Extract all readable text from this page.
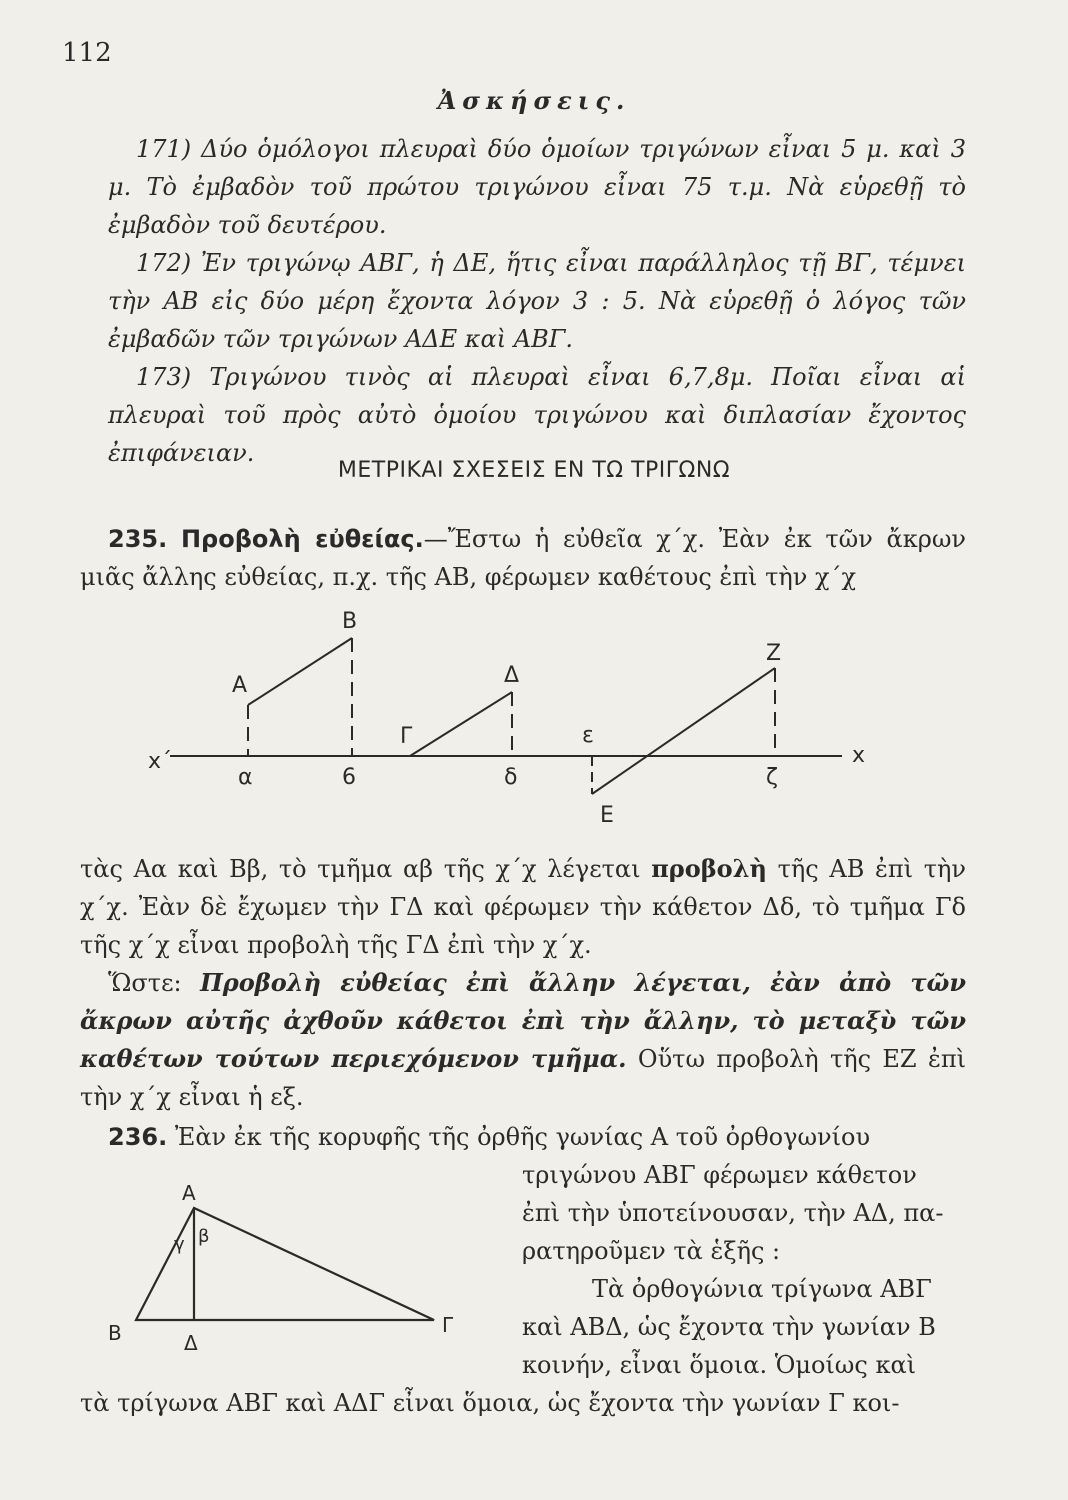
112
Ἀσκήσεις.
171) Δύο ὁμόλογοι πλευραὶ δύο ὁμοίων τριγώνων εἶναι 5 μ. καὶ 3 μ. Τὸ ἐμβαδὸν τοῦ πρώτου τριγώνου εἶναι 75 τ.μ. Νὰ εὑρεθῇ τὸ ἐμβαδὸν τοῦ δευτέρου.
172) Ἐν τριγώνῳ ΑΒΓ, ἡ ΔΕ, ἥτις εἶναι παράλληλος τῇ ΒΓ, τέμνει τὴν ΑΒ εἰς δύο μέρη ἔχοντα λόγον 3 : 5. Νὰ εὑρεθῇ ὁ λόγος τῶν ἐμβαδῶν τῶν τριγώνων ΑΔΕ καὶ ΑΒΓ.
173) Τριγώνου τινὸς αἱ πλευραὶ εἶναι 6,7,8μ. Ποῖαι εἶναι αἱ πλευραὶ τοῦ πρὸς αὐτὸ ὁμοίου τριγώνου καὶ διπλασίαν ἔχοντος ἐπιφάνειαν.
ΜΕΤΡΙΚΑΙ ΣΧΕΣΕΙΣ ΕΝ ΤΩ ΤΡΙΓΩΝΩ
235. Προβολὴ εὐθείας.—Ἔστω ἡ εὐθεῖα χ΄χ. Ἐὰν ἐκ τῶν ἄκρων μιᾶς ἄλλης εὐθείας, π.χ. τῆς ΑΒ, φέρωμεν καθέτους ἐπὶ τὴν χ΄χ
B
A
Γ
Δ
Z
E
x΄	x
α	6	δ
ε
ζ
τὰς Αα καὶ Ββ, τὸ τμῆμα αβ τῆς χ΄χ λέγεται προβολὴ τῆς ΑΒ ἐπὶ τὴν χ΄χ. Ἐὰν δὲ ἔχωμεν τὴν ΓΔ καὶ φέρωμεν τὴν κάθετον Δδ, τὸ τμῆμα Γδ τῆς χ΄χ εἶναι προβολὴ τῆς ΓΔ ἐπὶ τὴν χ΄χ.
Ὥστε: Προβολὴ εὐθείας ἐπὶ ἄλλην λέγεται, ἐὰν ἀπὸ τῶν ἄκρων αὐτῆς ἀχθοῦν κάθετοι ἐπὶ τὴν ἄλλην, τὸ μεταξὺ τῶν καθέτων τούτων περιεχόμενον τμῆμα. Οὕτω προβολὴ τῆς ΕΖ ἐπὶ τὴν χ΄χ εἶναι ἡ εξ.
236. Ἐὰν ἐκ τῆς κορυφῆς τῆς ὀρθῆς γωνίας Α τοῦ ὀρθογωνίου
A
B	Γ
Δ
β
γ
τριγώνου ΑΒΓ φέρωμεν κάθετον
ἐπὶ τὴν ὑποτείνουσαν, τὴν ΑΔ, πα-
ρατηροῦμεν τὰ ἑξῆς :
Τὰ ὀρθογώνια τρίγωνα ΑΒΓ
καὶ ΑΒΔ, ὡς ἔχοντα τὴν γωνίαν Β
κοινήν, εἶναι ὅμοια. Ὁμοίως καὶ
τὰ τρίγωνα ΑΒΓ καὶ ΑΔΓ εἶναι ὅμοια, ὡς ἔχοντα τὴν γωνίαν Γ κοι-
